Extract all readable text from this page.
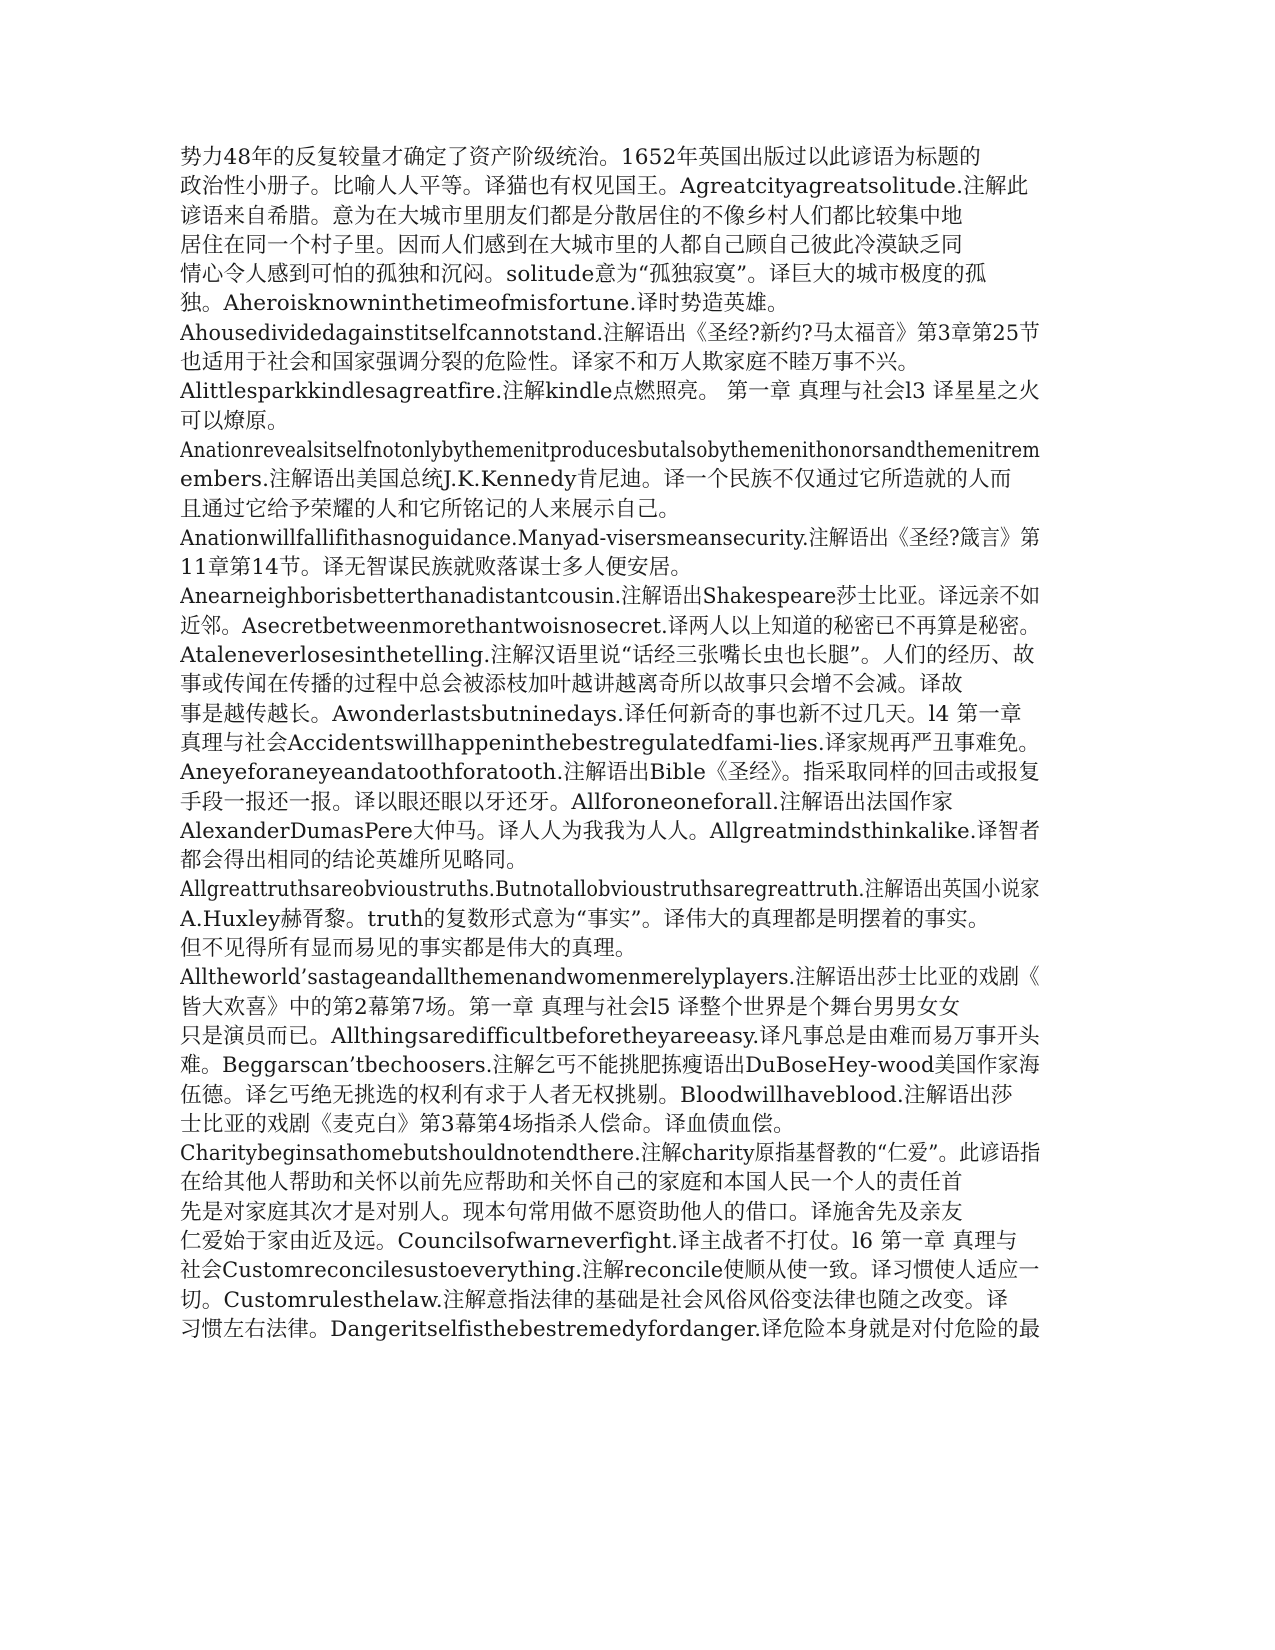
势力48年的反复较量才确定了资产阶级统治。1652年英国出版过以此谚语为标题的
政治性小册子。比喻人人平等。译猫也有权见国王。Agreatcityagreatsolitude.注解此
谚语来自希腊。意为在大城市里朋友们都是分散居住的不像乡村人们都比较集中地
居住在同一个村子里。因而人们感到在大城市里的人都自己顾自己彼此冷漠缺乏同
情心令人感到可怕的孤独和沉闷。solitude意为“孤独寂寞”。译巨大的城市极度的孤
独。Aheroisknowninthetimeofmisfortune.译时势造英雄。
Ahousedividedagainstitselfcannotstand.注解语出《圣经?新约?马太福音》第3章第25节
也适用于社会和国家强调分裂的危险性。译家不和万人欺家庭不睦万事不兴。
Alittlesparkkindlesagreatfire.注解kindle点燃照亮。 第一章 真理与社会l3 译星星之火
可以燎原。
Anationrevealsitselfnotonlybythemenitproducesbutalsobythemenithonorsandthemenitrem
embers.注解语出美国总统J.K.Kennedy肯尼迪。译一个民族不仅通过它所造就的人而
且通过它给予荣耀的人和它所铭记的人来展示自己。
Anationwillfallifithasnoguidance.Manyad-visersmeansecurity.注解语出《圣经?箴言》第
11章第14节。译无智谋民族就败落谋士多人便安居。
Anearneighborisbetterthanadistantcousin.注解语出Shakespeare莎士比亚。译远亲不如
近邻。Asecretbetweenmorethantwoisnosecret.译两人以上知道的秘密已不再算是秘密。
Ataleneverlosesinthetelling.注解汉语里说“话经三张嘴长虫也长腿”。人们的经历、故
事或传闻在传播的过程中总会被添枝加叶越讲越离奇所以故事只会增不会减。译故
事是越传越长。Awonderlastsbutninedays.译任何新奇的事也新不过几天。l4 第一章
真理与社会Accidentswillhappeninthebestregulatedfami-lies.译家规再严丑事难免。
Aneyeforaneyeandatoothforatooth.注解语出Bible《圣经》。指采取同样的回击或报复
手段一报还一报。译以眼还眼以牙还牙。Allforoneoneforall.注解语出法国作家
AlexanderDumasPere大仲马。译人人为我我为人人。Allgreatmindsthinkalike.译智者
都会得出相同的结论英雄所见略同。
Allgreattruthsareobvioustruths.Butnotallobvioustruthsaregreattruth.注解语出英国小说家
A.Huxley赫胥黎。truth的复数形式意为“事实”。译伟大的真理都是明摆着的事实。
但不见得所有显而易见的事实都是伟大的真理。
Alltheworld’sastageandallthemenandwomenmerelyplayers.注解语出莎士比亚的戏剧《
皆大欢喜》中的第2幕第7场。第一章 真理与社会l5 译整个世界是个舞台男男女女
只是演员而已。Allthingsaredifficultbeforetheyareeasy.译凡事总是由难而易万事开头
难。Beggarscan’tbechoosers.注解乞丐不能挑肥拣瘦语出DuBoseHey-wood美国作家海
伍德。译乞丐绝无挑选的权利有求于人者无权挑剔。Bloodwillhaveblood.注解语出莎
士比亚的戏剧《麦克白》第3幕第4场指杀人偿命。译血债血偿。
Charitybeginsathomebutshouldnotendthere.注解charity原指基督教的“仁爱”。此谚语指
在给其他人帮助和关怀以前先应帮助和关怀自己的家庭和本国人民一个人的责任首
先是对家庭其次才是对别人。现本句常用做不愿资助他人的借口。译施舍先及亲友
仁爱始于家由近及远。Councilsofwarneverfight.译主战者不打仗。l6 第一章 真理与
社会Customreconcilesustoeverything.注解reconcile使顺从使一致。译习惯使人适应一
切。Customrulesthelaw.注解意指法律的基础是社会风俗风俗变法律也随之改变。译
习惯左右法律。Dangeritselfisthebestremedyfordanger.译危险本身就是对付危险的最
